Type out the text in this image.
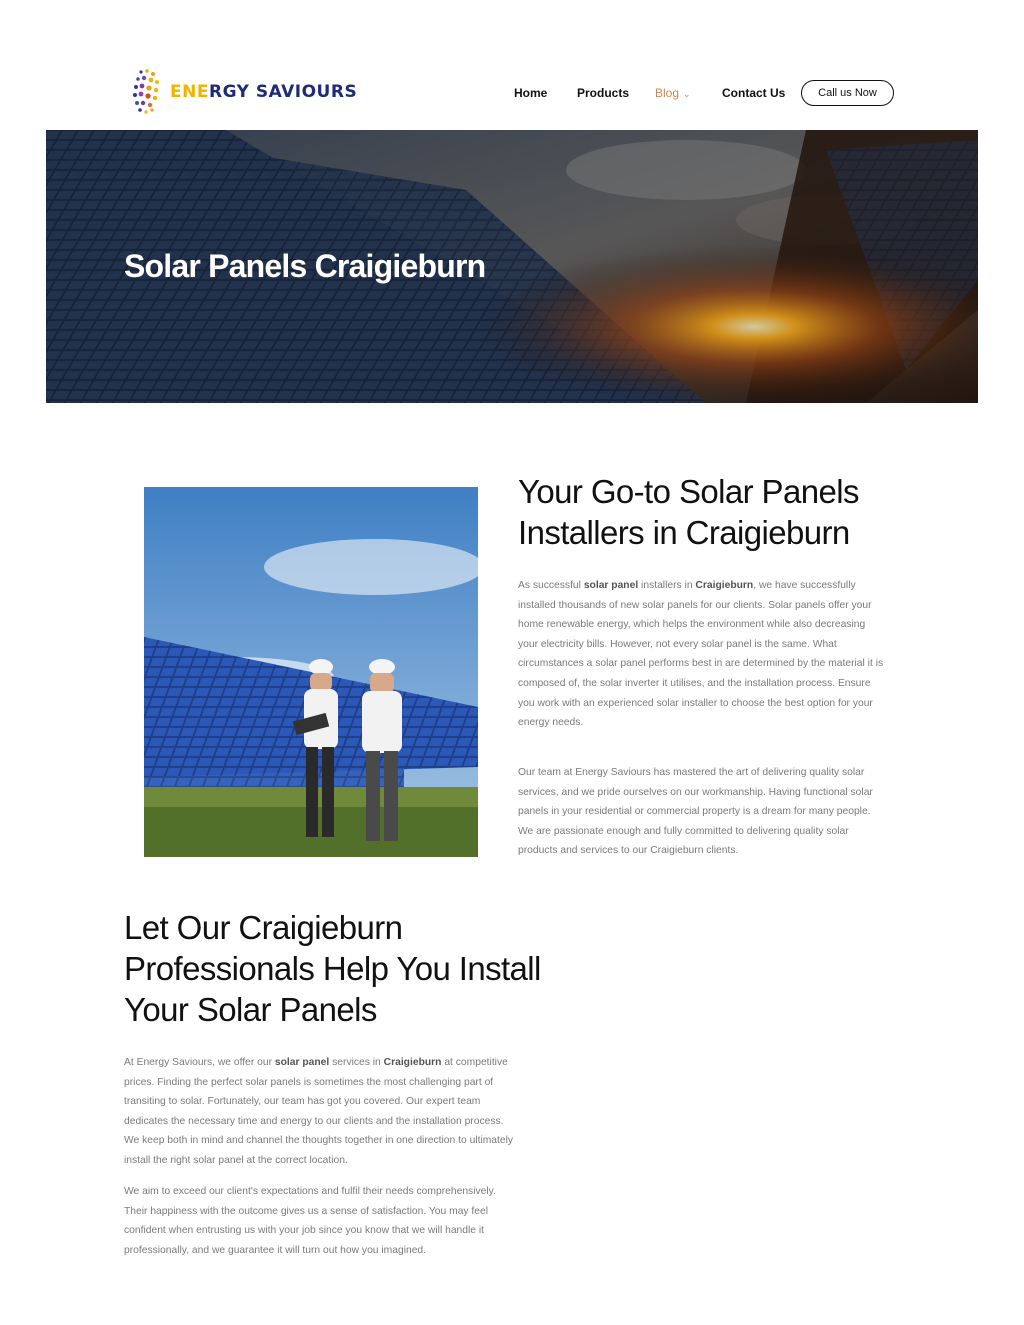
ENERGY SAVIOURS	Home Products Blog ⌄	Contact Us	Call us Now
Solar Panels Craigieburn
Your Go-to Solar Panels Installers in Craigieburn

As successful solar panel installers in Craigieburn, we have successfully installed thousands of new solar panels for our clients. Solar panels offer your home renewable energy, which helps the environment while also decreasing your electricity bills. However, not every solar panel is the same. What circumstances a solar panel performs best in are determined by the material it is composed of, the solar inverter it utilises, and the installation process. Ensure you work with an experienced solar installer to choose the best option for your energy needs.

Our team at Energy Saviours has mastered the art of delivering quality solar services, and we pride ourselves on our workmanship. Having functional solar panels in your residential or commercial property is a dream for many people. We are passionate enough and fully committed to delivering quality solar products and services to our Craigieburn clients.

Let Our Craigieburn Professionals Help You Install Your Solar Panels

At Energy Saviours, we offer our solar panel services in Craigieburn at competitive prices. Finding the perfect solar panels is sometimes the most challenging part of transiting to solar. Fortunately, our team has got you covered. Our expert team dedicates the necessary time and energy to our clients and the installation process. We keep both in mind and channel the thoughts together in one direction to ultimately install the right solar panel at the correct location.

We aim to exceed our client's expectations and fulfil their needs comprehensively. Their happiness with the outcome gives us a sense of satisfaction. You may feel confident when entrusting us with your job since you know that we will handle it professionally, and we guarantee it will turn out how you imagined.
